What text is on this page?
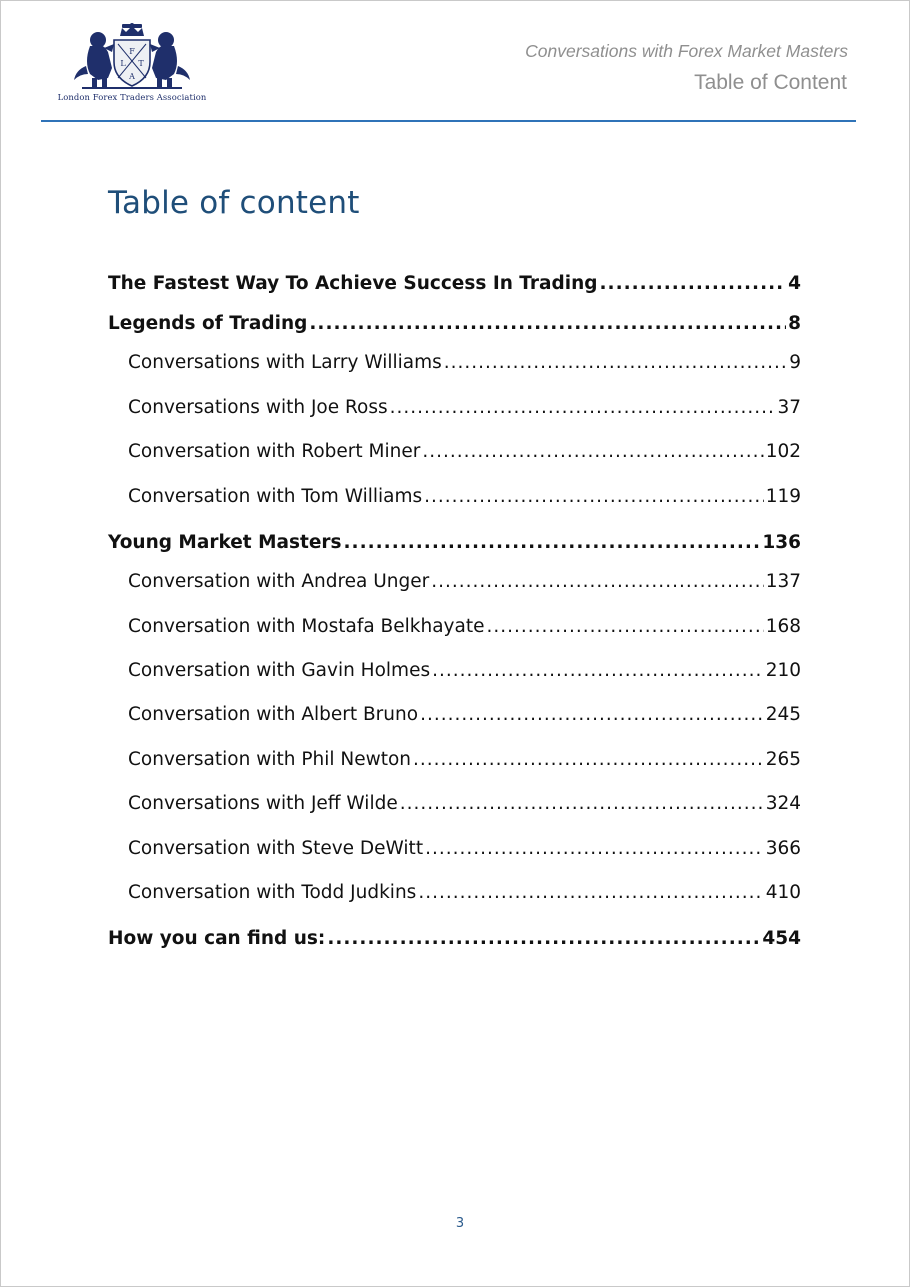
F
L T
A
London Forex Traders Association
Conversations with Forex Market Masters
Table of Content
Table of content
The Fastest Way To Achieve Success In Trading .....	4
Legends of Trading .....	8
Conversations with Larry Williams .....	9
Conversations with Joe Ross .....	37
Conversation with Robert Miner .....	102
Conversation with Tom Williams .....	119
Young Market Masters .....	136
Conversation with Andrea Unger .....	137
Conversation with Mostafa Belkhayate .....	168
Conversation with Gavin Holmes .....	210
Conversation with Albert Bruno .....	245
Conversation with Phil Newton .....	265
Conversations with Jeff Wilde .....	324
Conversation with Steve DeWitt .....	366
Conversation with Todd Judkins .....	410
How you can find us: .....	454
3
